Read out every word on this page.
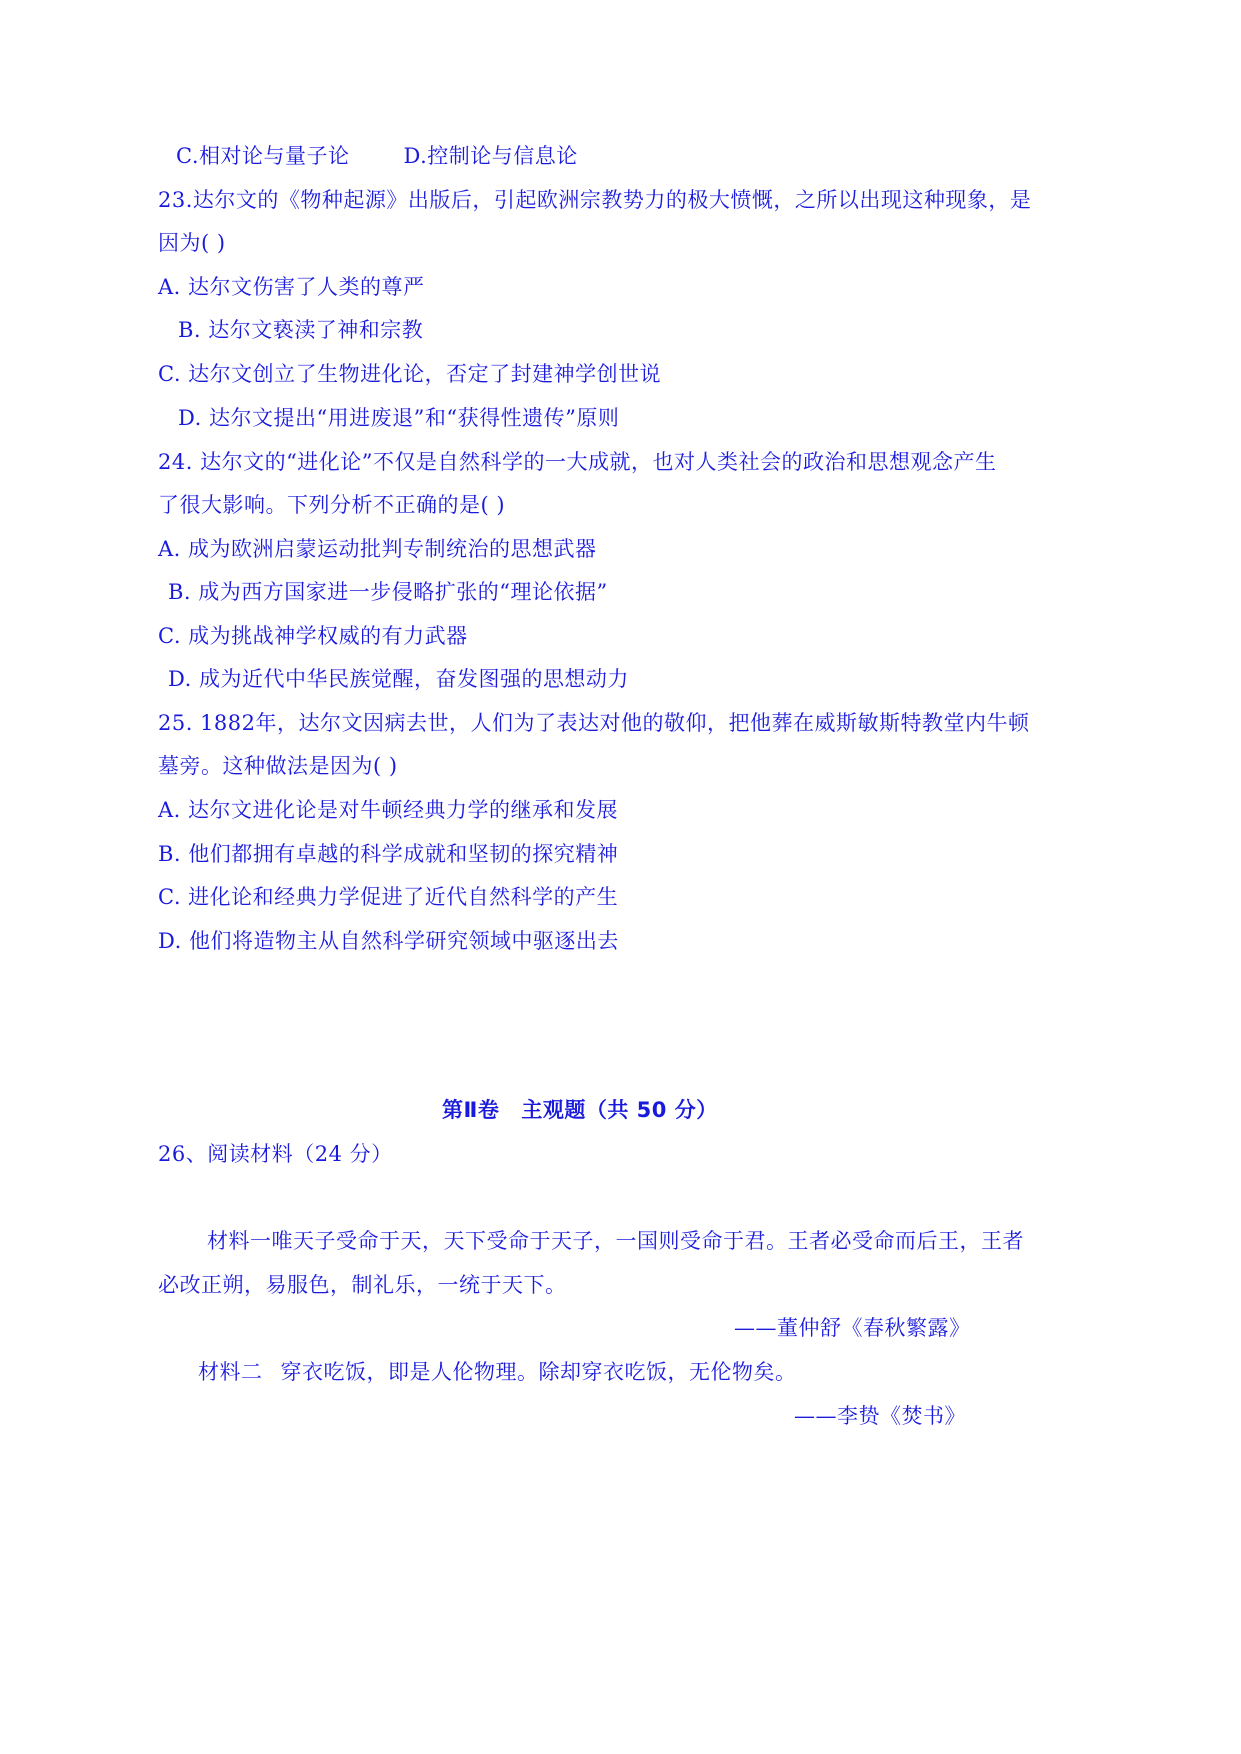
C.相对论与量子论	D.控制论与信息论
23.达尔文的《物种起源》出版后，引起欧洲宗教势力的极大愤慨，之所以出现这种现象，是
因为( )
A. 达尔文伤害了人类的尊严
B. 达尔文亵渎了神和宗教
C. 达尔文创立了生物进化论，否定了封建神学创世说
D. 达尔文提出“用进废退”和“获得性遗传”原则
24. 达尔文的“进化论”不仅是自然科学的一大成就，也对人类社会的政治和思想观念产生
了很大影响。下列分析不正确的是( )
A. 成为欧洲启蒙运动批判专制统治的思想武器
B. 成为西方国家进一步侵略扩张的“理论依据”
C. 成为挑战神学权威的有力武器
D. 成为近代中华民族觉醒，奋发图强的思想动力
25. 1882年，达尔文因病去世，人们为了表达对他的敬仰，把他葬在威斯敏斯特教堂内牛顿
墓旁。这种做法是因为( )
A. 达尔文进化论是对牛顿经典力学的继承和发展
B. 他们都拥有卓越的科学成就和坚韧的探究精神
C. 进化论和经典力学促进了近代自然科学的产生
D. 他们将造物主从自然科学研究领域中驱逐出去
第Ⅱ卷 主观题（共 50 分）
26、阅读材料（24 分）
材料一唯天子受命于天，天下受命于天子，一国则受命于君。王者必受命而后王，王者
必改正朔，易服色，制礼乐，一统于天下。
——董仲舒《春秋繁露》
材料二 穿衣吃饭，即是人伦物理。除却穿衣吃饭，无伦物矣。
——李贽《焚书》
